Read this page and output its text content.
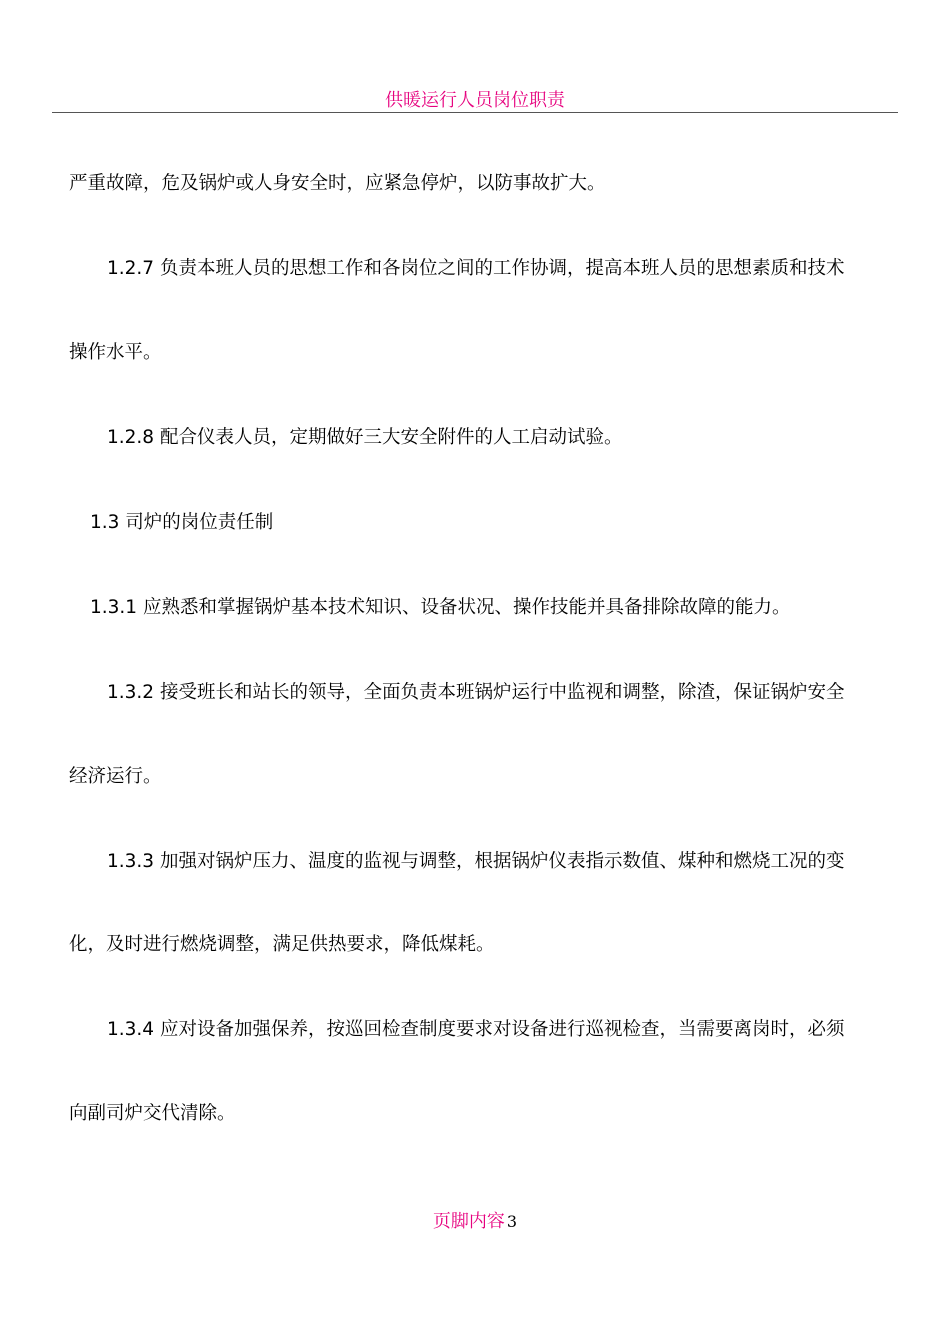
供暖运行人员岗位职责
严重故障，危及锅炉或人身安全时，应紧急停炉，以防事故扩大。
1.2.7 负责本班人员的思想工作和各岗位之间的工作协调，提高本班人员的思想素质和技术
操作水平。
1.2.8 配合仪表人员，定期做好三大安全附件的人工启动试验。
1.3 司炉的岗位责任制
1.3.1 应熟悉和掌握锅炉基本技术知识、设备状况、操作技能并具备排除故障的能力。
1.3.2 接受班长和站长的领导，全面负责本班锅炉运行中监视和调整，除渣，保证锅炉安全
经济运行。
1.3.3 加强对锅炉压力、温度的监视与调整，根据锅炉仪表指示数值、煤种和燃烧工况的变
化，及时进行燃烧调整，满足供热要求，降低煤耗。
1.3.4 应对设备加强保养，按巡回检查制度要求对设备进行巡视检查，当需要离岗时，必须
向副司炉交代清除。
页脚内容 3
